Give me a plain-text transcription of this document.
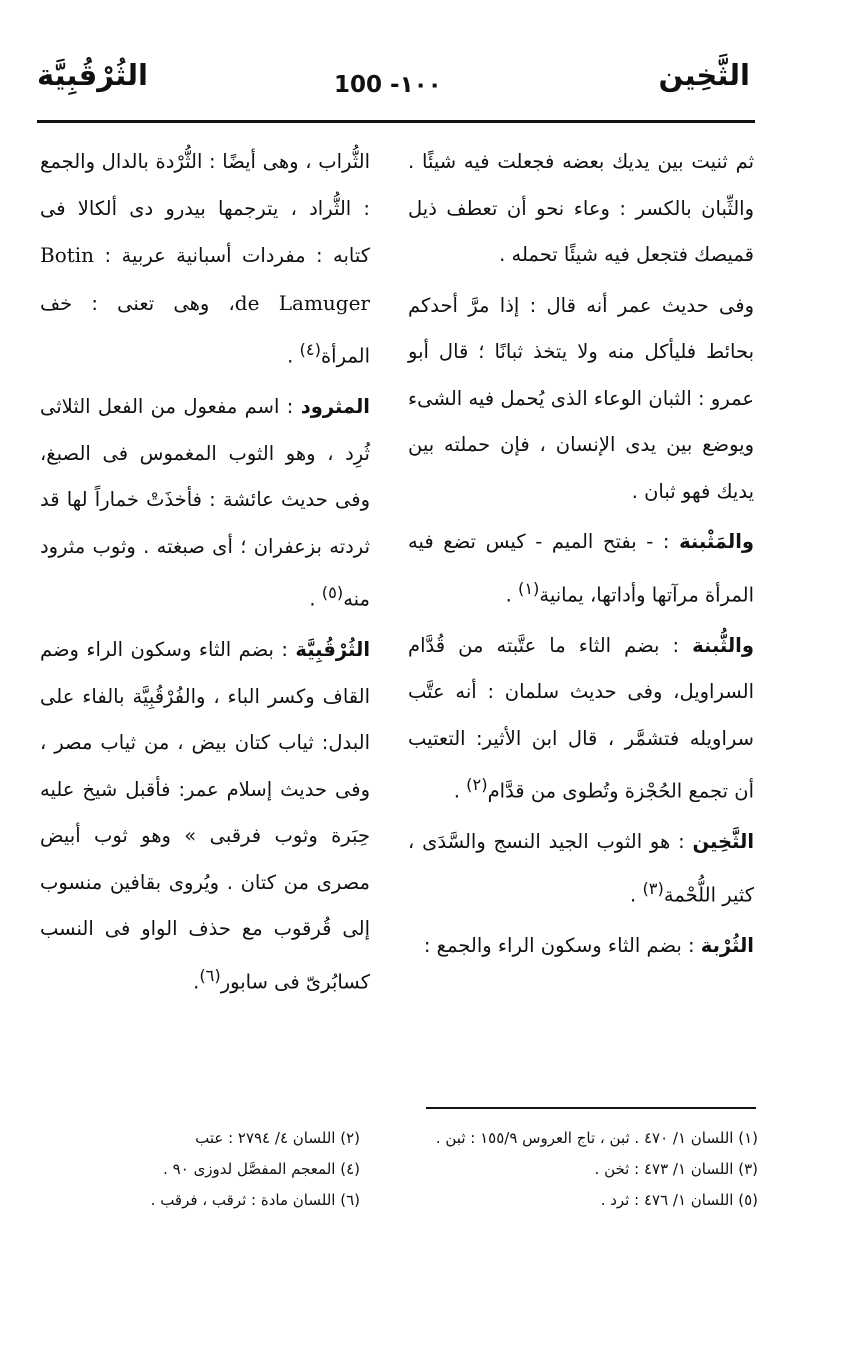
الثَّخِين
100 -١٠٠
الثُرْقُبِيَّة

ثم ثنيت بين يديك بعضه فجعلت فيه شيئًا . والثِّبان بالكسر : وعاء نحو أن تعطف ذيل قميصك فتجعل فيه شيئًا تحمله .

وفى حديث عمر أنه قال : إذا مرَّ أحدكم بحائط فليأكل منه ولا يتخذ ثبانًا ؛ قال أبو عمرو : الثبان الوعاء الذى يُحمل فيه الشىء ويوضع بين يدى الإنسان ، فإن حملته بين يديك فهو ثبان .

والمَثْبنة : - بفتح الميم - كيس تضع فيه المرأة مرآتها وأداتها، يمانية$^{(١)}$ .

والثُّبنة : بضم الثاء ما عتَّبته من قُدَّام السراويل، وفى حديث سلمان : أنه عتَّب سراويله فتشمَّر ، قال ابن الأثير: التعتيب أن تجمع الحُجْزة وتُطوى من قدَّام$^{(٢)}$ .

الثَّخِين : هو الثوب الجيد النسج والسَّدَى ، كثير اللُّحْمة$^{(٣)}$ .

الثُرْبة : بضم الثاء وسكون الراء والجمع :

الثُّراب ، وهى أيضًا : الثُّرْدة بالدال والجمع : الثُّراد ، يترجمها بيدرو دى ألكالا فى كتابه : مفردات أسبانية عربية : Botin de Lamuger، وهى تعنى : خف المرأة$^{(٤)}$ .

المثرود : اسم مفعول من الفعل الثلاثى ثُرِد ، وهو الثوب المغموس فى الصبغ، وفى حديث عائشة : فأخذَتْ خماراً لها قد ثردته بزعفران ؛ أى صبغته . وثوب مثرود منه$^{(٥)}$ .

الثُرْقُبِيَّة : بضم الثاء وسكون الراء وضم القاف وكسر الباء ، والفُرْقُبِيَّة بالفاء على البدل: ثياب كتان بيض ، من ثياب مصر ، وفى حديث إسلام عمر: فأقبل شيخ عليه حِبَرة وثوب فرقبى » وهو ثوب أبيض مصرى من كتان . ويُروى بقافين منسوب إلى قُرقوب مع حذف الواو فى النسب كسابُرىّ فى سابور$^{(٦)}$.

(١) اللسان ١/ ٤٧٠ . ثبن ، تاج العروس ١٥٥/٩ : ثبن .
(٣) اللسان ١/ ٤٧٣ : ثخن .
(٥) اللسان ١/ ٤٧٦ : ثرد .
(٢) اللسان ٤/ ٢٧٩٤ : عتب
(٤) المعجم المفصَّل لدوزى ٩٠ .
(٦) اللسان مادة : ثرقب ، فرقب .
